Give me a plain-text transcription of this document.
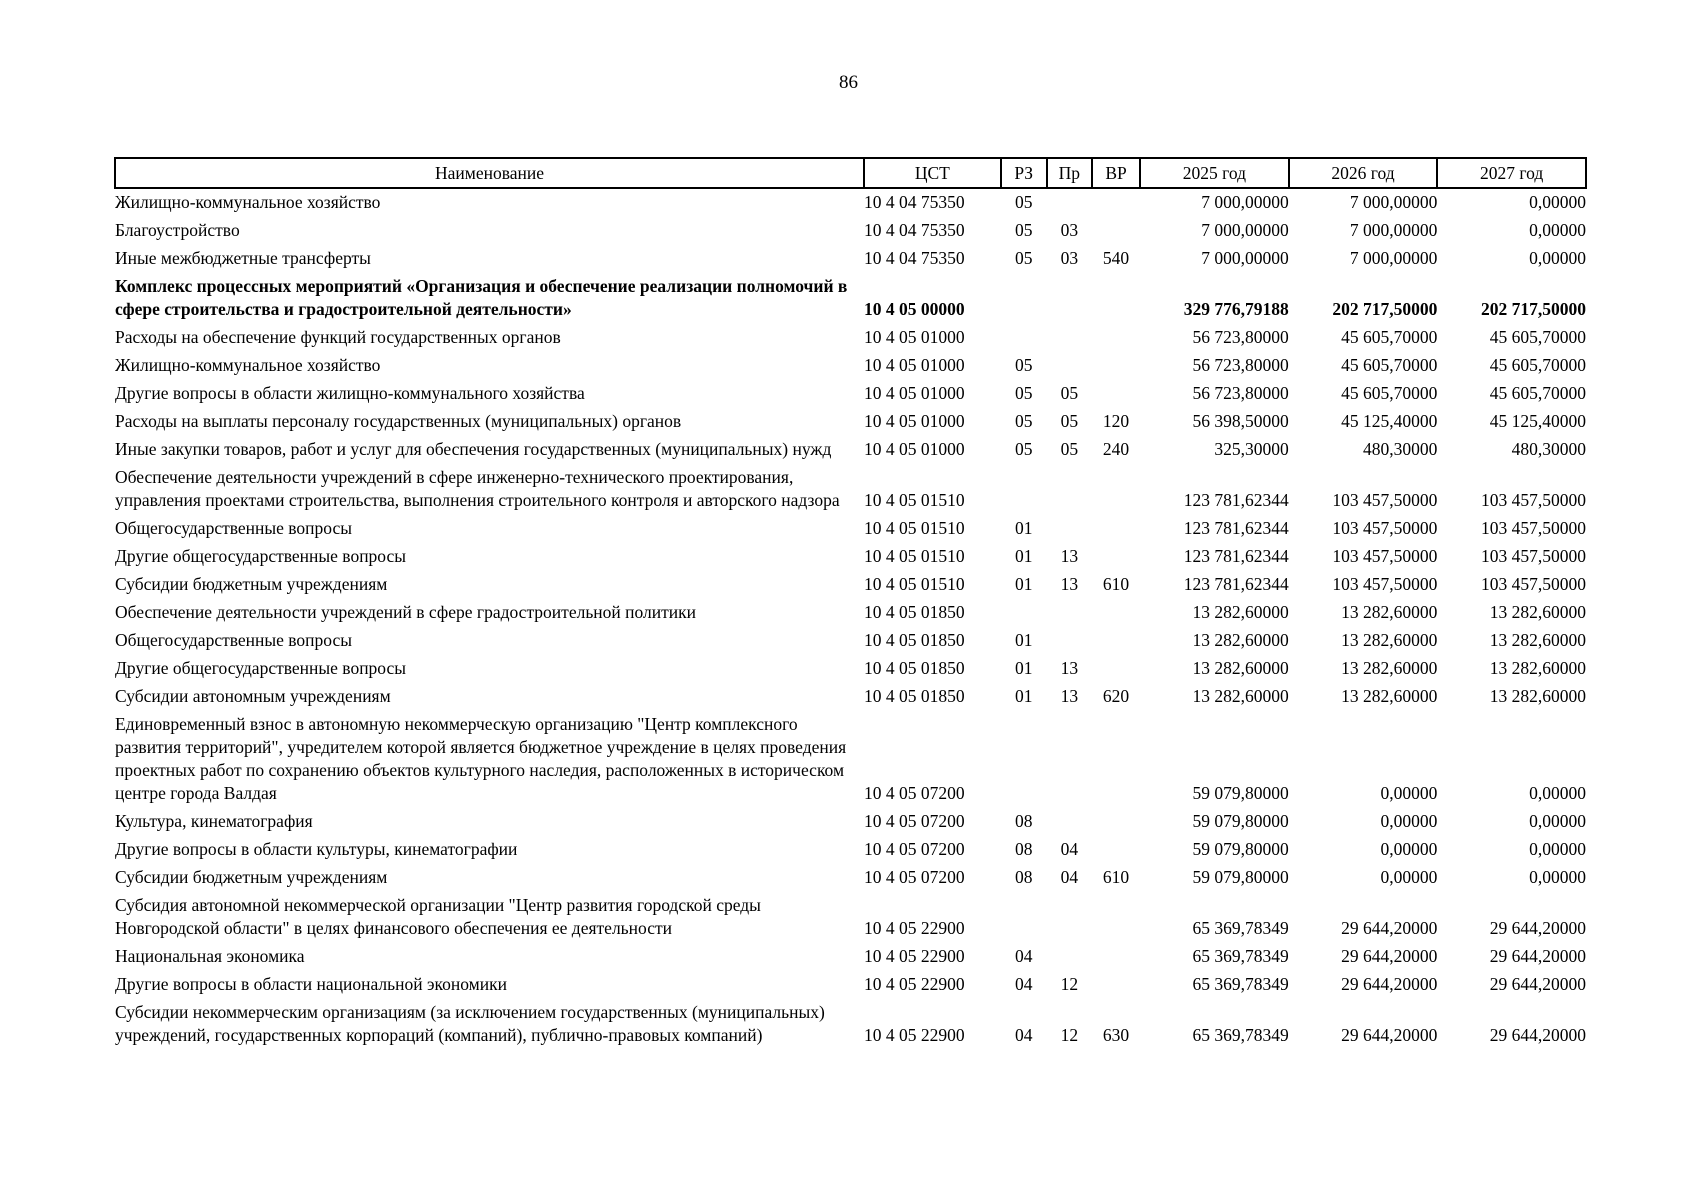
86
Наименование	ЦСТ	РЗ	Пр	ВР	2025 год	2026 год	2027 год
Жилищно-коммунальное хозяйство	10 4 04 75350	05			7 000,00000	7 000,00000	0,00000
Благоустройство	10 4 04 75350	05	03		7 000,00000	7 000,00000	0,00000
Иные межбюджетные трансферты	10 4 04 75350	05	03	540	7 000,00000	7 000,00000	0,00000
Комплекс процессных мероприятий «Организация и обеспечение реализации полномочий в сфере строительства и градостроительной деятельности»	10 4 05 00000				329 776,79188	202 717,50000	202 717,50000
Расходы на обеспечение функций государственных органов	10 4 05 01000				56 723,80000	45 605,70000	45 605,70000
Жилищно-коммунальное хозяйство	10 4 05 01000	05			56 723,80000	45 605,70000	45 605,70000
Другие вопросы в области жилищно-коммунального хозяйства	10 4 05 01000	05	05		56 723,80000	45 605,70000	45 605,70000
Расходы на выплаты персоналу государственных (муниципальных) органов	10 4 05 01000	05	05	120	56 398,50000	45 125,40000	45 125,40000
Иные закупки товаров, работ и услуг для обеспечения государственных (муниципальных) нужд	10 4 05 01000	05	05	240	325,30000	480,30000	480,30000
Обеспечение деятельности учреждений в сфере инженерно-технического проектирования, управления проектами строительства, выполнения строительного контроля и авторского надзора	10 4 05 01510				123 781,62344	103 457,50000	103 457,50000
Общегосударственные вопросы	10 4 05 01510	01			123 781,62344	103 457,50000	103 457,50000
Другие общегосударственные вопросы	10 4 05 01510	01	13		123 781,62344	103 457,50000	103 457,50000
Субсидии бюджетным учреждениям	10 4 05 01510	01	13	610	123 781,62344	103 457,50000	103 457,50000
Обеспечение деятельности учреждений в сфере градостроительной политики	10 4 05 01850				13 282,60000	13 282,60000	13 282,60000
Общегосударственные вопросы	10 4 05 01850	01			13 282,60000	13 282,60000	13 282,60000
Другие общегосударственные вопросы	10 4 05 01850	01	13		13 282,60000	13 282,60000	13 282,60000
Субсидии автономным учреждениям	10 4 05 01850	01	13	620	13 282,60000	13 282,60000	13 282,60000
Единовременный взнос в автономную некоммерческую организацию "Центр комплексного развития территорий", учредителем которой является бюджетное учреждение в целях проведения проектных работ по сохранению объектов культурного наследия, расположенных в историческом центре города Валдая	10 4 05 07200				59 079,80000	0,00000	0,00000
Культура, кинематография	10 4 05 07200	08			59 079,80000	0,00000	0,00000
Другие вопросы в области культуры, кинематографии	10 4 05 07200	08	04		59 079,80000	0,00000	0,00000
Субсидии бюджетным учреждениям	10 4 05 07200	08	04	610	59 079,80000	0,00000	0,00000
Субсидия автономной некоммерческой организации "Центр развития городской среды Новгородской области" в целях финансового обеспечения ее деятельности	10 4 05 22900				65 369,78349	29 644,20000	29 644,20000
Национальная экономика	10 4 05 22900	04			65 369,78349	29 644,20000	29 644,20000
Другие вопросы в области национальной экономики	10 4 05 22900	04	12		65 369,78349	29 644,20000	29 644,20000
Субсидии некоммерческим организациям (за исключением государственных (муниципальных) учреждений, государственных корпораций (компаний), публично-правовых компаний)	10 4 05 22900	04	12	630	65 369,78349	29 644,20000	29 644,20000
